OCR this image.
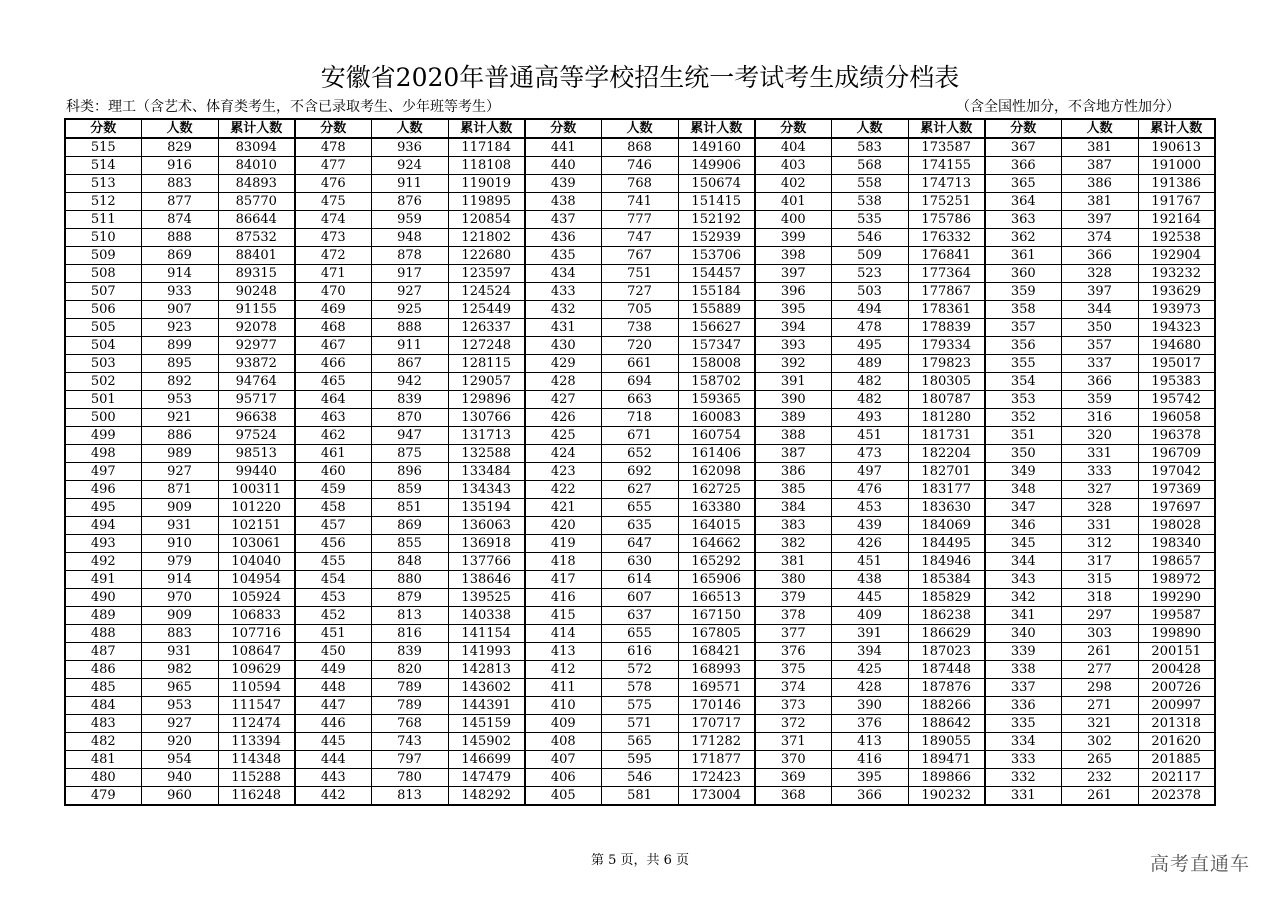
安徽省2020年普通高等学校招生统一考试考生成绩分档表
科类：理工（含艺术、体育类考生，不含已录取考生、少年班等考生）	（含全国性加分，不含地方性加分）
分数	人数	累计人数	分数	人数	累计人数	分数	人数	累计人数	分数	人数	累计人数	分数	人数	累计人数
515	829	83094	478	936	117184	441	868	149160	404	583	173587	367	381	190613
514	916	84010	477	924	118108	440	746	149906	403	568	174155	366	387	191000
513	883	84893	476	911	119019	439	768	150674	402	558	174713	365	386	191386
512	877	85770	475	876	119895	438	741	151415	401	538	175251	364	381	191767
511	874	86644	474	959	120854	437	777	152192	400	535	175786	363	397	192164
510	888	87532	473	948	121802	436	747	152939	399	546	176332	362	374	192538
509	869	88401	472	878	122680	435	767	153706	398	509	176841	361	366	192904
508	914	89315	471	917	123597	434	751	154457	397	523	177364	360	328	193232
507	933	90248	470	927	124524	433	727	155184	396	503	177867	359	397	193629
506	907	91155	469	925	125449	432	705	155889	395	494	178361	358	344	193973
505	923	92078	468	888	126337	431	738	156627	394	478	178839	357	350	194323
504	899	92977	467	911	127248	430	720	157347	393	495	179334	356	357	194680
503	895	93872	466	867	128115	429	661	158008	392	489	179823	355	337	195017
502	892	94764	465	942	129057	428	694	158702	391	482	180305	354	366	195383
501	953	95717	464	839	129896	427	663	159365	390	482	180787	353	359	195742
500	921	96638	463	870	130766	426	718	160083	389	493	181280	352	316	196058
499	886	97524	462	947	131713	425	671	160754	388	451	181731	351	320	196378
498	989	98513	461	875	132588	424	652	161406	387	473	182204	350	331	196709
497	927	99440	460	896	133484	423	692	162098	386	497	182701	349	333	197042
496	871	100311	459	859	134343	422	627	162725	385	476	183177	348	327	197369
495	909	101220	458	851	135194	421	655	163380	384	453	183630	347	328	197697
494	931	102151	457	869	136063	420	635	164015	383	439	184069	346	331	198028
493	910	103061	456	855	136918	419	647	164662	382	426	184495	345	312	198340
492	979	104040	455	848	137766	418	630	165292	381	451	184946	344	317	198657
491	914	104954	454	880	138646	417	614	165906	380	438	185384	343	315	198972
490	970	105924	453	879	139525	416	607	166513	379	445	185829	342	318	199290
489	909	106833	452	813	140338	415	637	167150	378	409	186238	341	297	199587
488	883	107716	451	816	141154	414	655	167805	377	391	186629	340	303	199890
487	931	108647	450	839	141993	413	616	168421	376	394	187023	339	261	200151
486	982	109629	449	820	142813	412	572	168993	375	425	187448	338	277	200428
485	965	110594	448	789	143602	411	578	169571	374	428	187876	337	298	200726
484	953	111547	447	789	144391	410	575	170146	373	390	188266	336	271	200997
483	927	112474	446	768	145159	409	571	170717	372	376	188642	335	321	201318
482	920	113394	445	743	145902	408	565	171282	371	413	189055	334	302	201620
481	954	114348	444	797	146699	407	595	171877	370	416	189471	333	265	201885
480	940	115288	443	780	147479	406	546	172423	369	395	189866	332	232	202117
479	960	116248	442	813	148292	405	581	173004	368	366	190232	331	261	202378
第 5 页，共 6 页	高考直通车
